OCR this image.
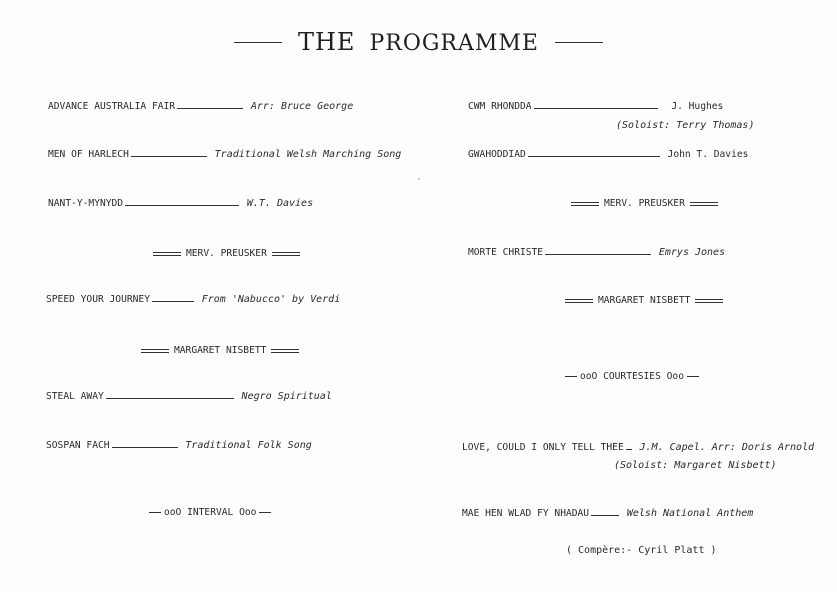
THE PROGRAMME
ADVANCE AUSTRALIA FAIR	Arr: Bruce George
MEN OF HARLECH	Traditional Welsh Marching Song
NANT-Y-MYNYDD	W.T. Davies
MERV. PREUSKER
SPEED YOUR JOURNEY	From 'Nabucco' by Verdi
MARGARET NISBETT
STEAL AWAY	Negro Spiritual
SOSPAN FACH	Traditional Folk Song
ooO INTERVAL Ooo
CWM RHONDDA	J. Hughes
(Soloist: Terry Thomas)
GWAHODDIAD	John T. Davies
MERV. PREUSKER
MORTE CHRISTE	Emrys Jones
MARGARET NISBETT
ooO COURTESIES Ooo
LOVE, COULD I ONLY TELL THEE J.M. Capel. Arr: Doris Arnold
(Soloist: Margaret Nisbett)
MAE HEN WLAD FY NHADAU	Welsh National Anthem
( Compère:- Cyril Platt )
